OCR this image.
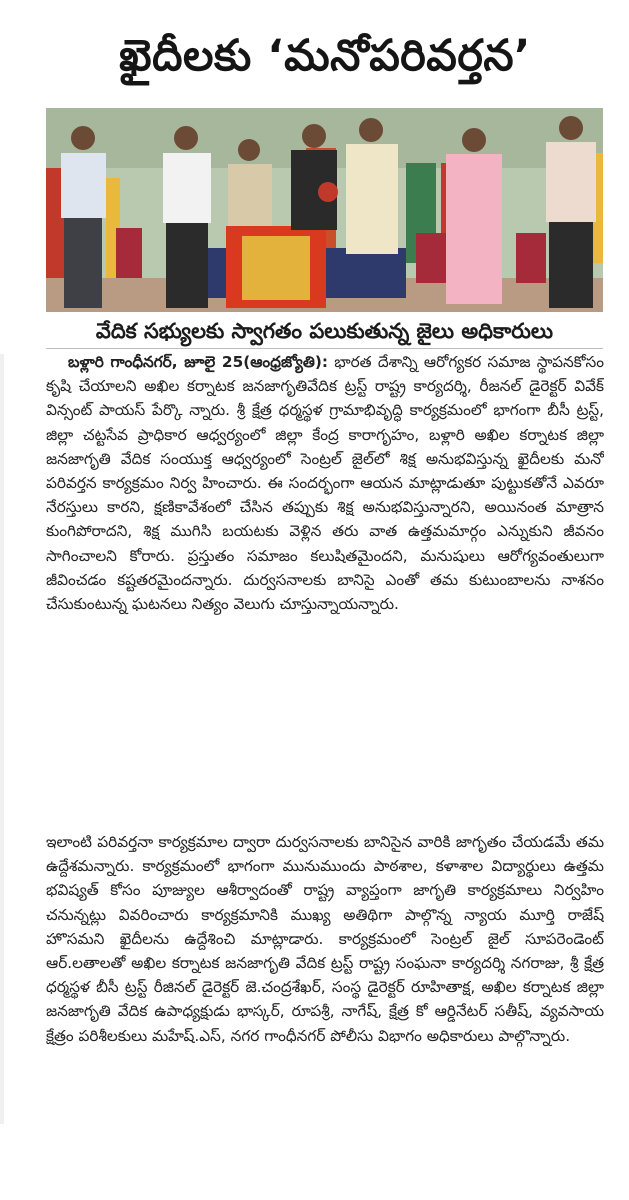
ఖైదీలకు ‘మనోపరివర్తన’
వేదిక సభ్యులకు స్వాగతం పలుకుతున్న జైలు అధికారులు

బళ్లారి గాంధీనగర్, జూలై 25(ఆంధ్రజ్యోతి): భారత దేశాన్ని ఆరోగ్యకర సమాజ స్థాపనకోసం కృషి చేయాలని అఖిల కర్నాటక జనజాగృతివేదిక ట్రస్ట్ రాష్ట్ర కార్యదర్శి, రీజనల్ డైరెక్టర్ వివేక్ విన్సంట్ పాయస్ పేర్కొ న్నారు. శ్రీ క్షేత్ర ధర్మస్థళ గ్రామాభివృద్ధి కార్యక్రమంలో భాగంగా బీసీ ట్రస్ట్, జిల్లా చట్టసేవ ప్రాధికార ఆధ్వర్యంలో జిల్లా కేంద్ర కారాగృహం, బళ్లారి అఖిల కర్నాటక జిల్లా జనజాగృతి వేదిక సంయుక్త ఆధ్వర్యంలో సెంట్రల్ జైల్‌లో శిక్ష అనుభవిస్తున్న ఖైదీలకు మనో పరివర్తన కార్యక్రమం నిర్వ హించారు. ఈ సందర్భంగా ఆయన మాట్లాడుతూ పుట్టుకతోనే ఎవరూ నేరస్తులు కారని, క్షణికావేశంలో చేసిన తప్పుకు శిక్ష అనుభవిస్తున్నారని, అయినంత మాత్రాన కుంగిపోరాదని, శిక్ష ముగిసి బయటకు వెళ్లిన తరు వాత ఉత్తమమార్గం ఎన్నుకుని జీవనం సాగించాలని కోరారు. ప్రస్తుతం సమాజం కలుషితమైందని, మనుషులు ఆరోగ్యవంతులుగా జీవించడం కష్టతరమైందన్నారు. దుర్వసనాలకు బానిసై ఎంతో తమ కుటుంబాలను నాశనం చేసుకుంటున్న ఘటనలు నిత్యం వెలుగు చూస్తున్నాయన్నారు.

ఇలాంటి పరివర్తనా కార్యక్రమాల ద్వారా దుర్వసనాలకు బానిసైన వారికి జాగృతం చేయడమే తమ ఉద్దేశమన్నారు. కార్యక్రమంలో భాగంగా మునుముందు పాఠశాల, కళాశాల విద్యార్థులు ఉత్తమ భవిష్యత్ కోసం పూజ్యుల ఆశీర్వాదంతో రాష్ట్ర వ్యాప్తంగా జాగృతి కార్యక్రమాలు నిర్వహిం చనున్నట్లు వివరించారు కార్యక్రమానికి ముఖ్య అతిథిగా పాల్గొన్న న్యాయ మూర్తి రాజేష్ హొసమని ఖైదీలను ఉద్దేశించి మాట్లాడారు. కార్యక్రమంలో సెంట్రల్ జైల్ సూపరెండెంట్ ఆర్.లతాలతో అఖిల కర్నాటక జనజాగృతి వేదిక ట్రస్ట్ రాష్ట్ర సంఘనా కార్యదర్శి నగరాజు, శ్రీ క్షేత్ర ధర్మస్థళ బీసీ ట్రస్ట్ రీజినల్ డైరెక్టర్ జె.చంద్రశేఖర్, సంస్థ డైరెక్టర్ రూహితాక్ష, అఖిల కర్నాటక జిల్లా జనజాగృతి వేదిక ఉపాధ్యక్షుడు భాస్కర్, రూపశ్రీ, నాగేష్, క్షేత్ర కో ఆర్డినేటర్ సతీష్, వ్యవసాయ క్షేత్రం పరిశీలకులు మహేష్.ఎస్, నగర గాంధీనగర్ పోలీసు విభాగం అధికారులు పాల్గొన్నారు.
